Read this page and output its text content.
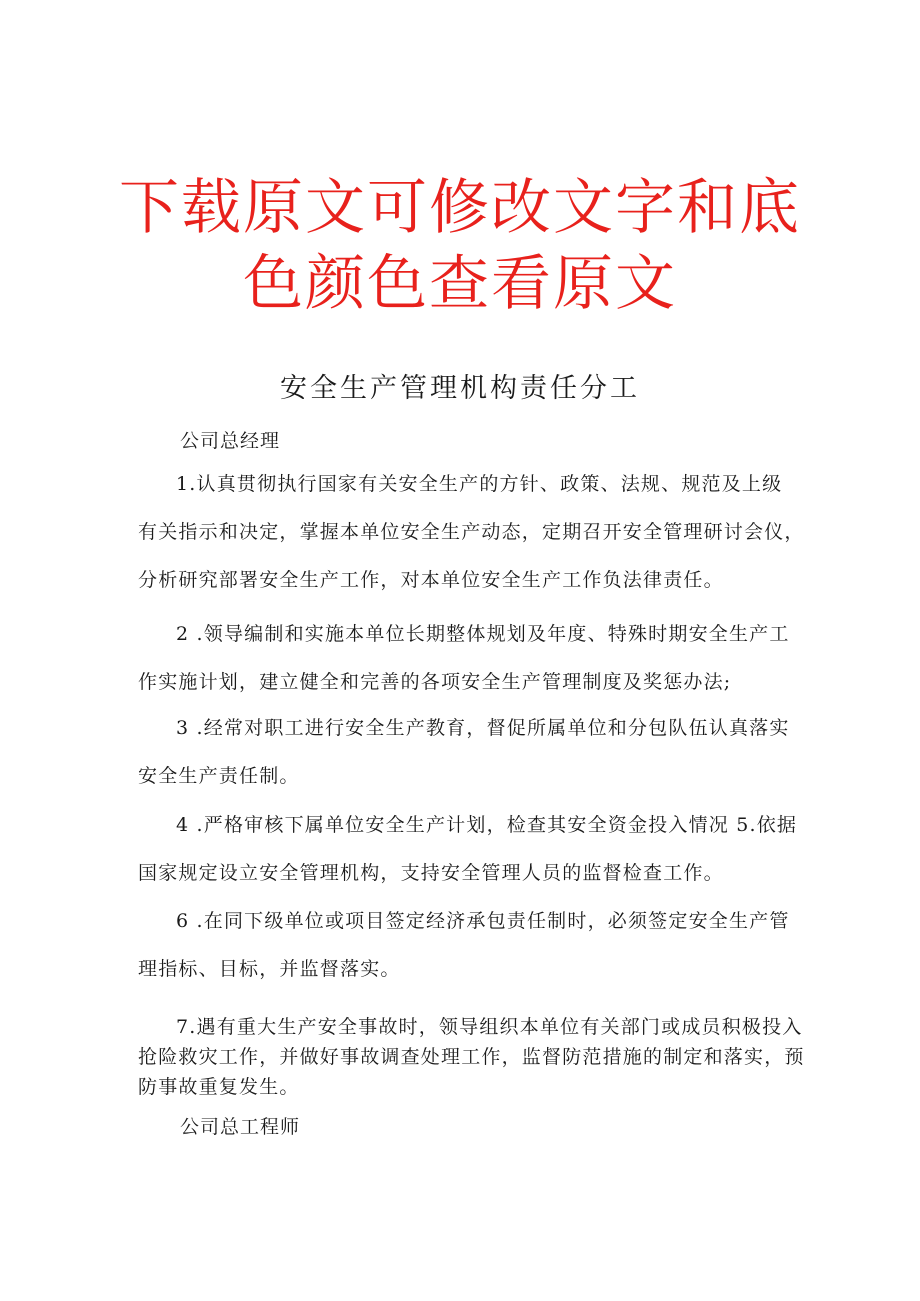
下载原文可修改文字和底
色颜色查看原文
安全生产管理机构责任分工
公司总经理
1.认真贯彻执行国家有关安全生产的方针、政策、法规、规范及上级
有关指示和决定，掌握本单位安全生产动态，定期召开安全管理研讨会仪，
分析研究部署安全生产工作，对本单位安全生产工作负法律责任。
2 .领导编制和实施本单位长期整体规划及年度、特殊时期安全生产工
作实施计划，建立健全和完善的各项安全生产管理制度及奖惩办法;
3 .经常对职工进行安全生产教育，督促所属单位和分包队伍认真落实
安全生产责任制。
4 .严格审核下属单位安全生产计划，检查其安全资金投入情况 5.依据
国家规定设立安全管理机构，支持安全管理人员的监督检查工作。
6 .在同下级单位或项目签定经济承包责任制时，必须签定安全生产管
理指标、目标，并监督落实。
7.遇有重大生产安全事故时，领导组织本单位有关部门或成员积极投入
抢险救灾工作，并做好事故调查处理工作，监督防范措施的制定和落实，预
防事故重复发生。
公司总工程师
